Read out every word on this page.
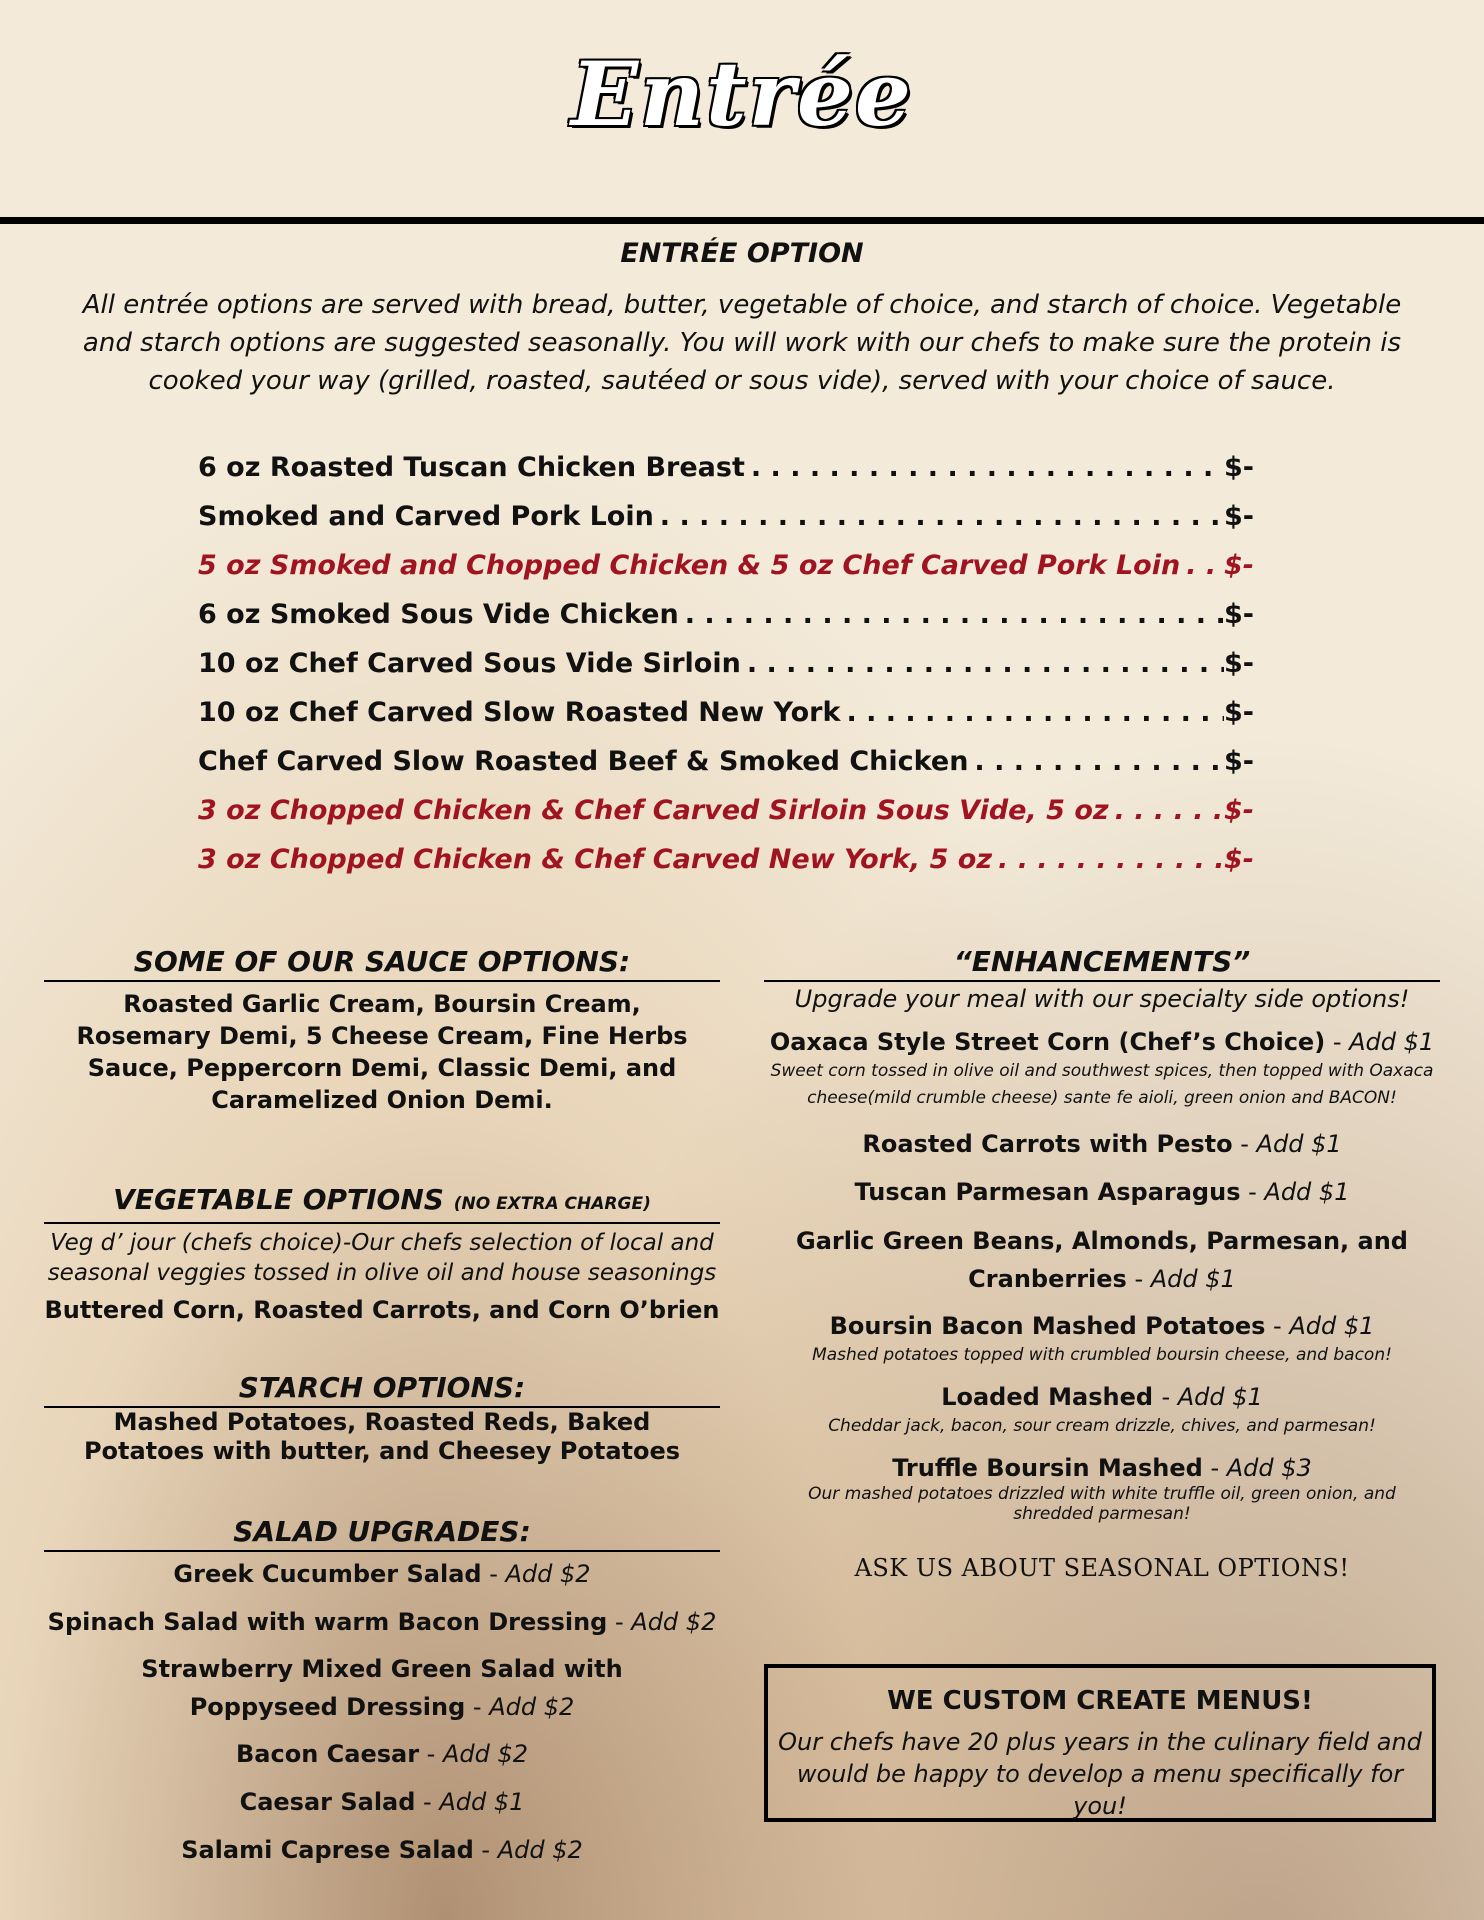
Entrée
ENTRÉE OPTION
All entrée options are served with bread, butter, vegetable of choice, and starch of choice. Vegetable and starch options are suggested seasonally. You will work with our chefs to make sure the protein is cooked your way (grilled, roasted, sautéed or sous vide), served with your choice of sauce.
6 oz Roasted Tuscan Chicken Breast . . .	$-
Smoked and Carved Pork Loin . . .	$-
5 oz Smoked and Chopped Chicken & 5 oz Chef Carved Pork Loin . . . $-
6 oz Smoked Sous Vide Chicken . . .	$-
10 oz Chef Carved Sous Vide Sirloin . . .	$-
10 oz Chef Carved Slow Roasted New York . . .	$-
Chef Carved Slow Roasted Beef & Smoked Chicken . . .	$-
3 oz Chopped Chicken & Chef Carved Sirloin Sous Vide, 5 oz . . .	$-
3 oz Chopped Chicken & Chef Carved New York, 5 oz . . .	$-
SOME OF OUR SAUCE OPTIONS:
Roasted Garlic Cream, Boursin Cream, Rosemary Demi, 5 Cheese Cream, Fine Herbs Sauce, Peppercorn Demi, Classic Demi, and Caramelized Onion Demi.
VEGETABLE OPTIONS (NO EXTRA CHARGE)
Veg d’ jour (chefs choice)-Our chefs selection of local and seasonal veggies tossed in olive oil and house seasonings
Buttered Corn, Roasted Carrots, and Corn O’brien
STARCH OPTIONS:
Mashed Potatoes, Roasted Reds, Baked Potatoes with butter, and Cheesey Potatoes
SALAD UPGRADES:
Greek Cucumber Salad - Add $2
Spinach Salad with warm Bacon Dressing - Add $2
Strawberry Mixed Green Salad with
Poppyseed Dressing - Add $2
Bacon Caesar - Add $2
Caesar Salad - Add $1
Salami Caprese Salad - Add $2
“ENHANCEMENTS”
Upgrade your meal with our specialty side options!
Oaxaca Style Street Corn (Chef’s Choice) - Add $1
Sweet corn tossed in olive oil and southwest spices, then topped with Oaxaca cheese(mild crumble cheese) sante fe aioli, green onion and BACON!
Roasted Carrots with Pesto - Add $1
Tuscan Parmesan Asparagus - Add $1
Garlic Green Beans, Almonds, Parmesan, and
Cranberries - Add $1
Boursin Bacon Mashed Potatoes - Add $1
Mashed potatoes topped with crumbled boursin cheese, and bacon!
Loaded Mashed - Add $1
Cheddar jack, bacon, sour cream drizzle, chives, and parmesan!
Truffle Boursin Mashed - Add $3
Our mashed potatoes drizzled with white truffle oil, green onion, and shredded parmesan!
ASK US ABOUT SEASONAL OPTIONS!
WE CUSTOM CREATE MENUS!
Our chefs have 20 plus years in the culinary field and would be happy to develop a menu specifically for you!
